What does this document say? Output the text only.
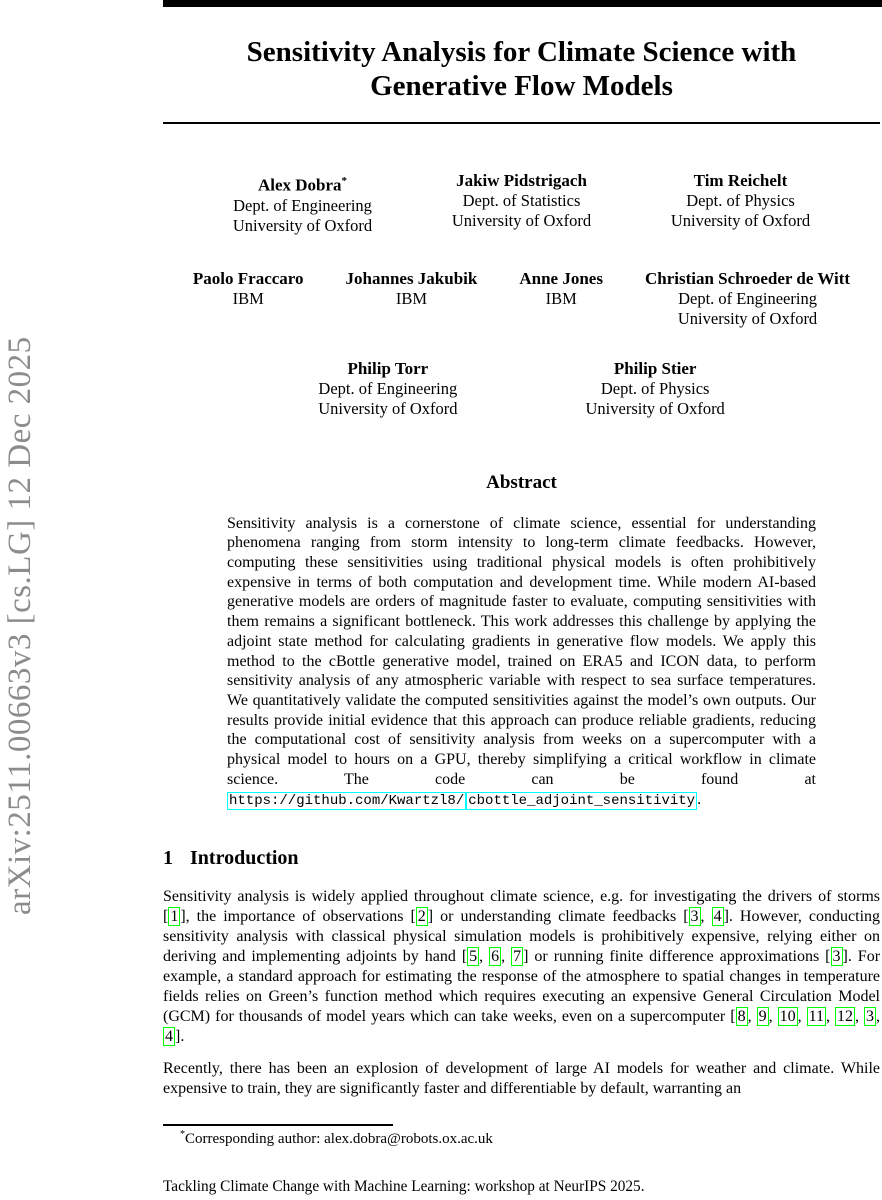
arXiv:2511.00663v3 [cs.LG] 12 Dec 2025
Sensitivity Analysis for Climate Science with
Generative Flow Models
Alex Dobra*
Dept. of Engineering
University of Oxford
Jakiw Pidstrigach
Dept. of Statistics
University of Oxford
Tim Reichelt
Dept. of Physics
University of Oxford
Paolo Fraccaro
IBM
Johannes Jakubik
IBM
Anne Jones
IBM
Christian Schroeder de Witt
Dept. of Engineering
University of Oxford
Philip Torr
Dept. of Engineering
University of Oxford
Philip Stier
Dept. of Physics
University of Oxford
Abstract
Sensitivity analysis is a cornerstone of climate science, essential for understanding phenomena ranging from storm intensity to long-term climate feedbacks. However, computing these sensitivities using traditional physical models is often prohibitively expensive in terms of both computation and development time. While modern AI-based generative models are orders of magnitude faster to evaluate, computing sensitivities with them remains a significant bottleneck. This work addresses this challenge by applying the adjoint state method for calculating gradients in generative flow models. We apply this method to the cBottle generative model, trained on ERA5 and ICON data, to perform sensitivity analysis of any atmospheric variable with respect to sea surface temperatures. We quantitatively validate the computed sensitivities against the model’s own outputs. Our results provide initial evidence that this approach can produce reliable gradients, reducing the computational cost of sensitivity analysis from weeks on a supercomputer with a physical model to hours on a GPU, thereby simplifying a critical workflow in climate science. The code can be found at https://github.com/Kwartzl8/ cbottle_adjoint_sensitivity .
1 Introduction
Sensitivity analysis is widely applied throughout climate science, e.g. for investigating the drivers of storms [ 1 ], the importance of observations [ 2 ] or understanding climate feedbacks [ 3 , 4 ]. However, conducting sensitivity analysis with classical physical simulation models is prohibitively expensive, relying either on deriving and implementing adjoints by hand [ 5 , 6 , 7 ] or running finite difference approximations [ 3 ]. For example, a standard approach for estimating the response of the atmosphere to spatial changes in temperature fields relies on Green’s function method which requires executing an expensive General Circulation Model (GCM) for thousands of model years which can take weeks, even on a supercomputer [ 8 , 9 , 10 , 11 , 12 , 3 , 4 ].
Recently, there has been an explosion of development of large AI models for weather and climate. While expensive to train, they are significantly faster and differentiable by default, warranting an
*Corresponding author: alex.dobra@robots.ox.ac.uk
Tackling Climate Change with Machine Learning: workshop at NeurIPS 2025.
